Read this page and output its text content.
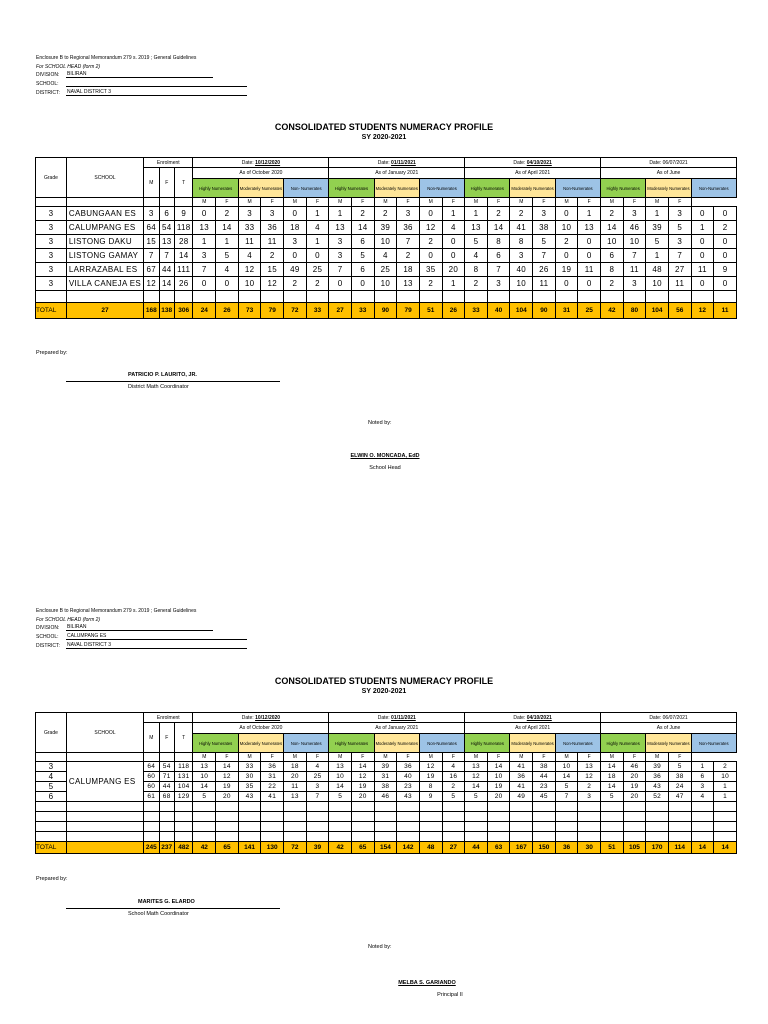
Enclosure B to Regional Memorandum 279 s. 2019 ; General Guidelines
For SCHOOL HEAD (form 2)
DIVISION:	BILIRAN
SCHOOL:
DISTRICT:	NAVAL DISTRICT 3
CONSOLIDATED STUDENTS NUMERACY PROFILE
SY 2020-2021
Grade	SCHOOL	Enrolment			Date: 10/12/2020						Date: 01/11/2021						Date: 04/10/2021						Date: 06/07/2021					
		M	F	T	As of October 2020						As of January 2021						As of April 2021						As of June					
					Highly Numerates		Moderately Numerates		Non- Numerates		Highly Numerates		Moderately Numerates		Non-Numerates		Highly Numerates		Moderately Numerates		Non-Numerates		Highly Numerates		Moderately Numerates		Non-Numerates	
					M	F	M	F	M	F	M	F	M	F	M	F	M	F	M	F	M	F	M	F	M	F		
3	CABUNGAAN ES	3	6	9	0	2	3	3	0	1	1	2	2	3	0	1	1	2	2	3	0	1	2	3	1	3	0	0
3	CALUMPANG ES	64	54	118	13	14	33	36	18	4	13	14	39	36	12	4	13	14	41	38	10	13	14	46	39	5	1	2
3	LISTONG DAKU	15	13	28	1	1	11	11	3	1	3	6	10	7	2	0	5	8	8	5	2	0	10	10	5	3	0	0
3	LISTONG GAMAY	7	7	14	3	5	4	2	0	0	3	5	4	2	0	0	4	6	3	7	0	0	6	7	1	7	0	0
3	LARRAZABAL ES	67	44	111	7	4	12	15	49	25	7	6	25	18	35	20	8	7	40	26	19	11	8	11	48	27	11	9
3	VILLA CANEJA ES	12	14	26	0	0	10	12	2	2	0	0	10	13	2	1	2	3	10	11	0	0	2	3	10	11	0	0

TOTAL	27	168	138	306	24	26	73	79	72	33	27	33	90	79	51	26	33	40	104	90	31	25	42	80	104	56	12	11
Prepared by:
PATRICIO P. LAURITO, JR.
District Math Coordinator
Noted by:
ELWIN O. MONCADA, EdD
School Head
Enclosure B to Regional Memorandum 279 s. 2019 ; General Guidelines
For SCHOOL HEAD (form 2)
DIVISION:	BILIRAN
SCHOOL:	CALUMPANG ES
DISTRICT:	NAVAL DISTRICT 3
CONSOLIDATED STUDENTS NUMERACY PROFILE
SY 2020-2021
Grade	SCHOOL	Enrolment			Date: 10/12/2020						Date: 01/11/2021						Date: 04/10/2021						Date: 06/07/2021					
		M	F	T	As of October 2020						As of January 2021						As of April 2021						As of June					
					Highly Numerates		Moderately Numerates		Non- Numerates		Highly Numerates		Moderately Numerates		Non-Numerates		Highly Numerates		Moderately Numerates		Non-Numerates		Highly Numerates		Moderately Numerates		Non-Numerates	
					M	F	M	F	M	F	M	F	M	F	M	F	M	F	M	F	M	F	M	F	M	F		
3	CALUMPANG ES	64	54	118	13	14	33	36	18	4	13	14	39	36	12	4	13	14	41	38	10	13	14	46	39	5	1	2
4		60	71	131	10	12	30	31	20	25	10	12	31	40	19	16	12	10	36	44	14	12	18	20	36	38	6	10
5		60	44	104	14	19	35	22	11	3	14	19	38	23	8	2	14	19	41	23	5	2	14	19	43	24	3	1
6		61	68	129	5	20	43	41	13	7	5	20	46	43	9	5	5	20	49	45	7	3	5	20	52	47	4	1

TOTAL		245	237	482	42	65	141	130	72	39	42	65	154	142	48	27	44	63	167	150	36	30	51	105	170	114	14	14
Prepared by:
MARITES G. ELARDO
School Math Coordinator
Noted by:
MELBA S. GARIANDO
Principal II
